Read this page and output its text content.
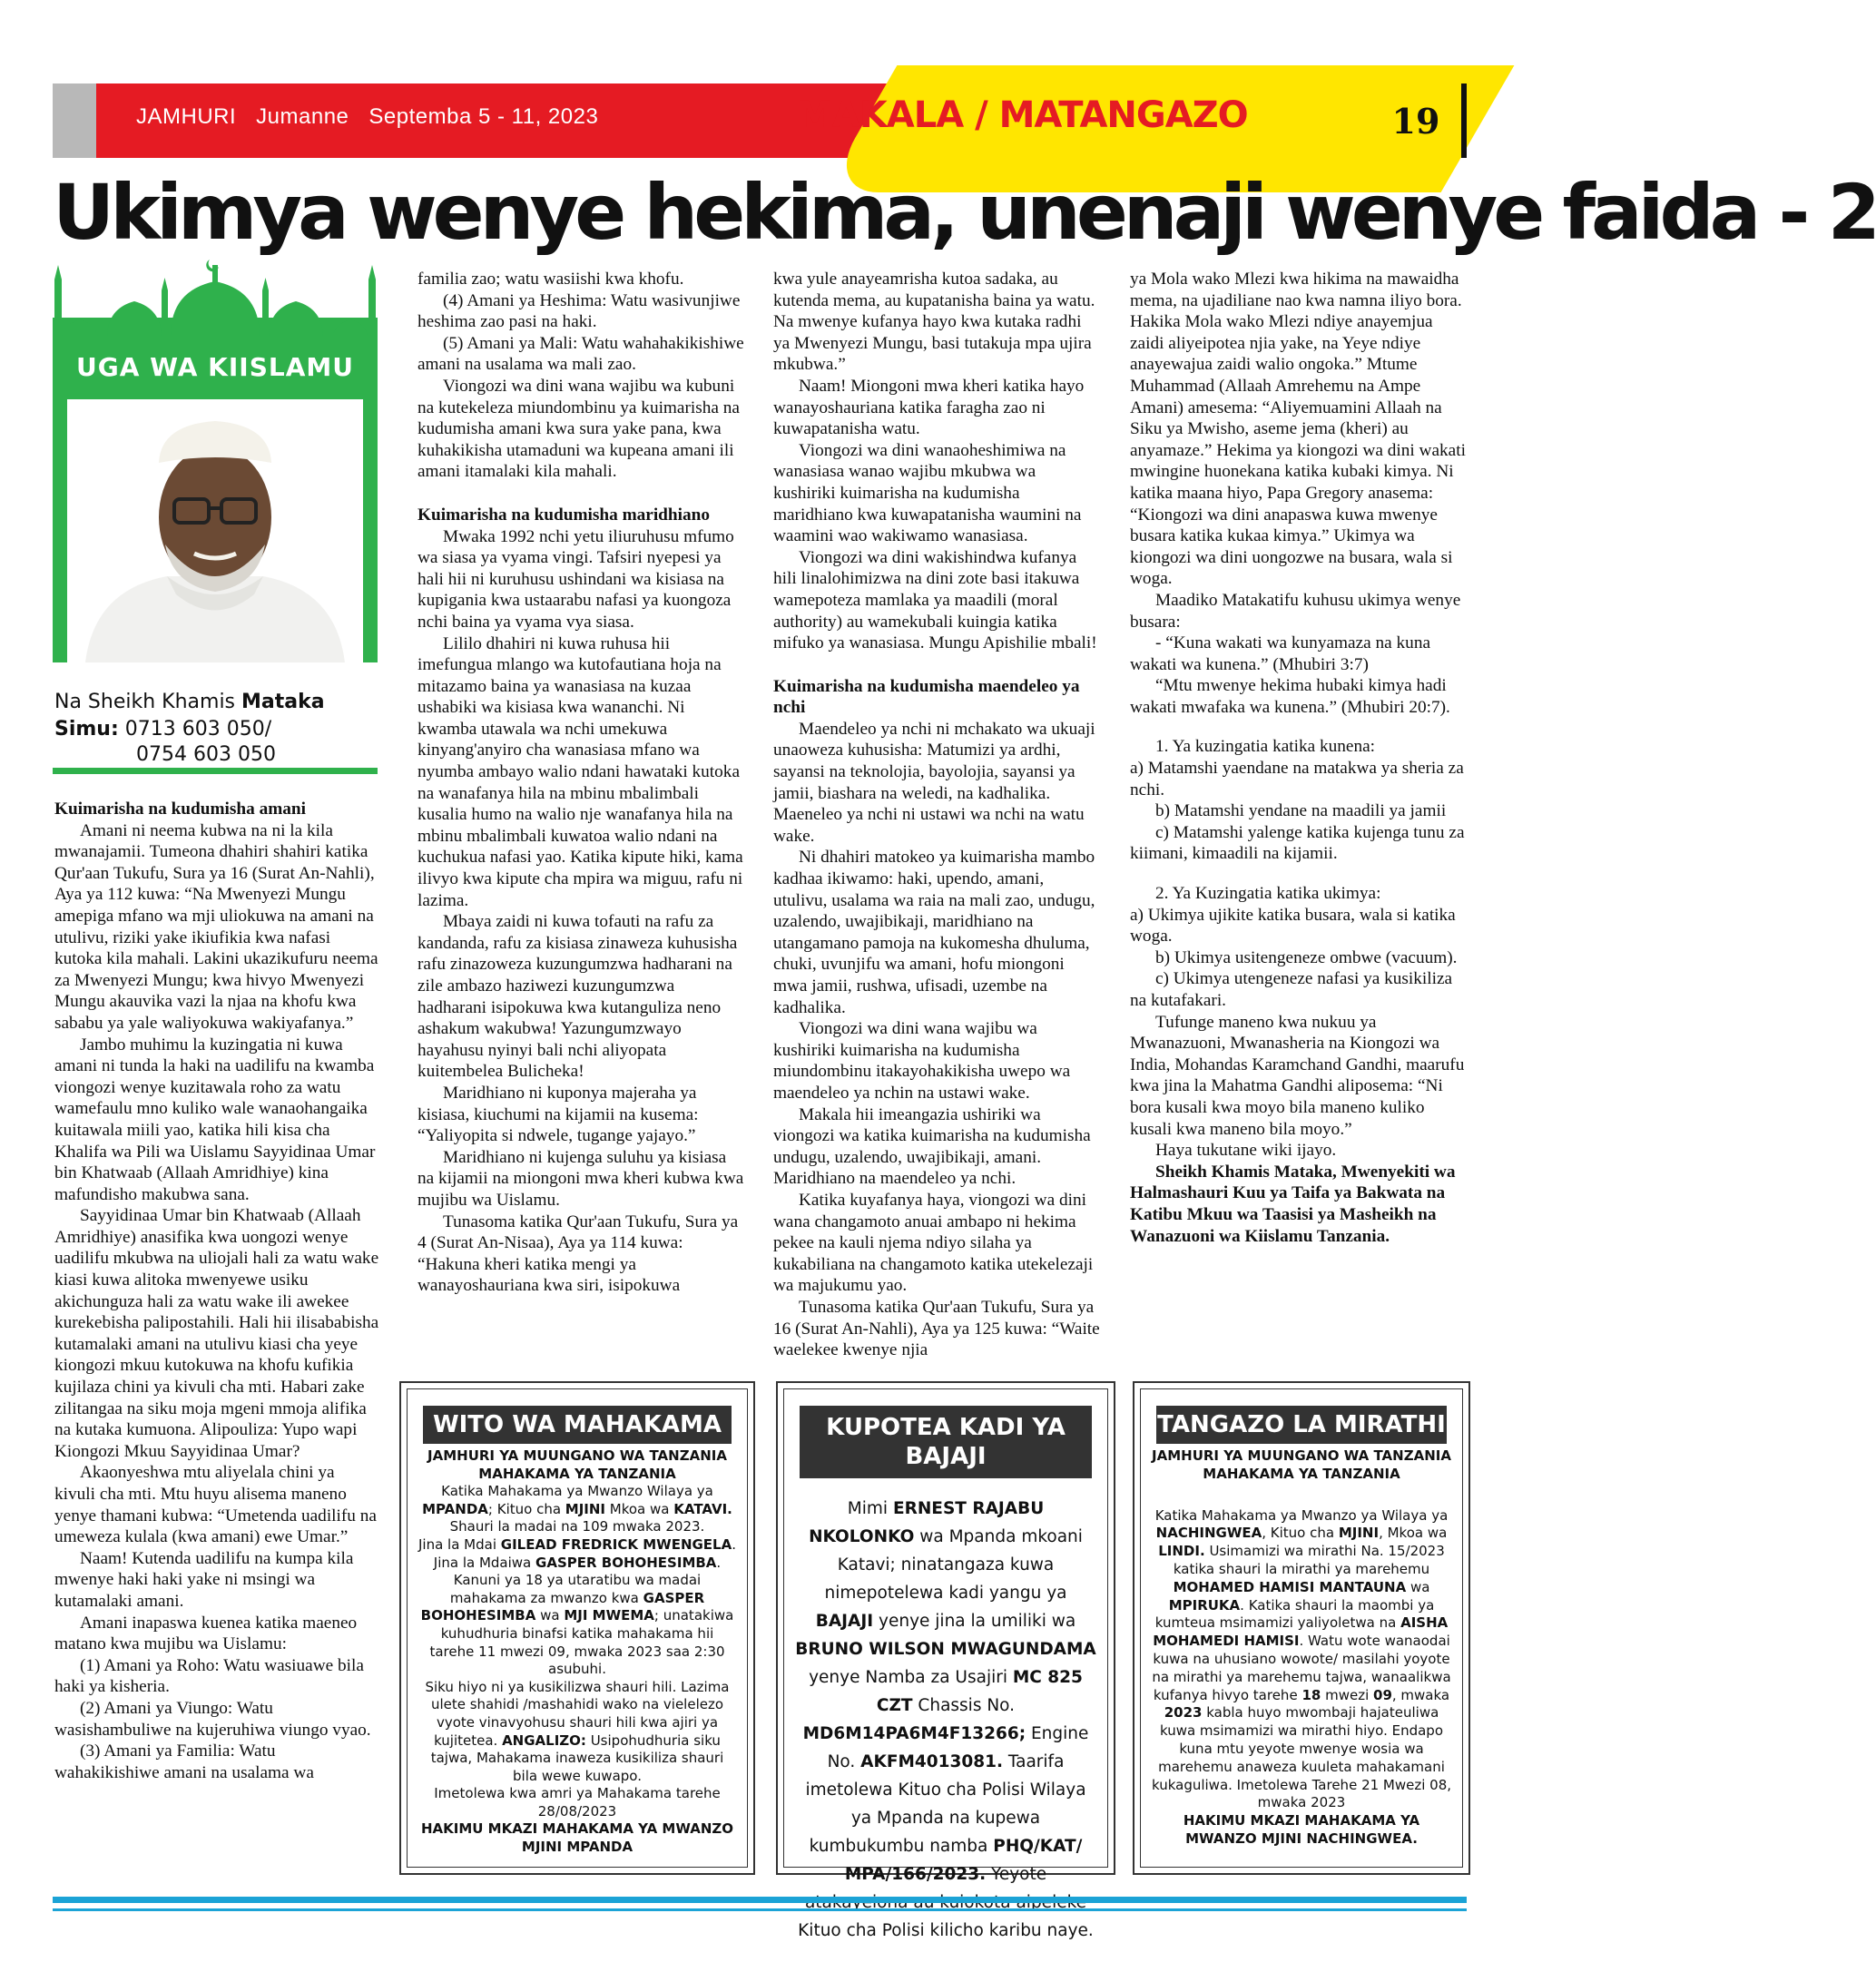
19
JAMHURI Jumanne Septemba 5 - 11, 2023	MAKALA / MATANGAZO
Ukimya wenye hekima, unenaji wenye faida - 2
UGA WA KIISLAMU
Na Sheikh Khamis Mataka
Simu: 0713 603 050/
0754 603 050
Kuimarisha na kudumisha amani

Amani ni neema kubwa na ni la kila mwanajamii. Tumeona dhahiri shahiri katika Qur'aan Tukufu, Sura ya 16 (Surat An-Nahli), Aya ya 112 kuwa: “Na Mwenyezi Mungu amepiga mfano wa mji uliokuwa na amani na utulivu, riziki yake ikiufikia kwa nafasi kutoka kila mahali. Lakini ukazikufuru neema za Mwenyezi Mungu; kwa hivyo Mwenyezi Mungu akauvika vazi la njaa na khofu kwa sababu ya yale waliyokuwa wakiyafanya.”

Jambo muhimu la kuzingatia ni kuwa amani ni tunda la haki na uadilifu na kwamba viongozi wenye kuzitawala roho za watu wamefaulu mno kuliko wale wanaohangaika kuitawala miili yao, katika hili kisa cha Khalifa wa Pili wa Uislamu Sayyidinaa Umar bin Khatwaab (Allaah Amridhiye) kina mafundisho makubwa sana.

Sayyidinaa Umar bin Khatwaab (Allaah Amridhiye) anasifika kwa uongozi wenye uadilifu mkubwa na uliojali hali za watu wake kiasi kuwa alitoka mwenyewe usiku akichunguza hali za watu wake ili awekee kurekebisha palipostahili. Hali hii ilisababisha kutamalaki amani na utulivu kiasi cha yeye kiongozi mkuu kutokuwa na khofu kufikia kujilaza chini ya kivuli cha mti. Habari zake zilitangaa na siku moja mgeni mmoja alifika na kutaka kumuona. Alipouliza: Yupo wapi Kiongozi Mkuu Sayyidinaa Umar?

Akaonyeshwa mtu aliyelala chini ya kivuli cha mti. Mtu huyu alisema maneno yenye thamani kubwa: “Umetenda uadilifu na umeweza kulala (kwa amani) ewe Umar.”

Naam! Kutenda uadilifu na kumpa kila mwenye haki haki yake ni msingi wa kutamalaki amani.

Amani inapaswa kuenea katika maeneo matano kwa mujibu wa Uislamu:

(1) Amani ya Roho: Watu wasiuawe bila haki ya kisheria.

(2) Amani ya Viungo: Watu wasishambuliwe na kujeruhiwa viungo vyao.

(3) Amani ya Familia: Watu wahakikishiwe amani na usalama wa

familia zao; watu wasiishi kwa khofu.

(4) Amani ya Heshima: Watu wasivunjiwe heshima zao pasi na haki.

(5) Amani ya Mali: Watu wahahakikishiwe amani na usalama wa mali zao.

Viongozi wa dini wana wajibu wa kubuni na kutekeleza miundombinu ya kuimarisha na kudumisha amani kwa sura yake pana, kwa kuhakikisha utamaduni wa kupeana amani ili amani itamalaki kila mahali.

Kuimarisha na kudumisha maridhiano

Mwaka 1992 nchi yetu iliuruhusu mfumo wa siasa ya vyama vingi. Tafsiri nyepesi ya hali hii ni kuruhusu ushindani wa kisiasa na kupigania kwa ustaarabu nafasi ya kuongoza nchi baina ya vyama vya siasa.

Lililo dhahiri ni kuwa ruhusa hii imefungua mlango wa kutofautiana hoja na mitazamo baina ya wanasiasa na kuzaa ushabiki wa kisiasa kwa wananchi. Ni kwamba utawala wa nchi umekuwa kinyang'anyiro cha wanasiasa mfano wa nyumba ambayo walio ndani hawataki kutoka na wanafanya hila na mbinu mbalimbali kusalia humo na walio nje wanafanya hila na mbinu mbalimbali kuwatoa walio ndani na kuchukua nafasi yao. Katika kipute hiki, kama ilivyo kwa kipute cha mpira wa miguu, rafu ni lazima.

Mbaya zaidi ni kuwa tofauti na rafu za kandanda, rafu za kisiasa zinaweza kuhusisha rafu zinazoweza kuzungumzwa hadharani na zile ambazo haziwezi kuzungumzwa hadharani isipokuwa kwa kutanguliza neno ashakum wakubwa! Yazungumzwayo hayahusu nyinyi bali nchi aliyopata kuitembelea Bulicheka!

Maridhiano ni kuponya majeraha ya kisiasa, kiuchumi na kijamii na kusema: “Yaliyopita si ndwele, tugange yajayo.”

Maridhiano ni kujenga suluhu ya kisiasa na kijamii na miongoni mwa kheri kubwa kwa mujibu wa Uislamu.

Tunasoma katika Qur'aan Tukufu, Sura ya 4 (Surat An-Nisaa), Aya ya 114 kuwa: “Hakuna kheri katika mengi ya wanayoshauriana kwa siri, isipokuwa

kwa yule anayeamrisha kutoa sadaka, au kutenda mema, au kupatanisha baina ya watu. Na mwenye kufanya hayo kwa kutaka radhi ya Mwenyezi Mungu, basi tutakuja mpa ujira mkubwa.”

Naam! Miongoni mwa kheri katika hayo wanayoshauriana katika faragha zao ni kuwapatanisha watu.

Viongozi wa dini wanaoheshimiwa na wanasiasa wanao wajibu mkubwa wa kushiriki kuimarisha na kudumisha maridhiano kwa kuwapatanisha waumini na waamini wao wakiwamo wanasiasa.

Viongozi wa dini wakishindwa kufanya hili linalohimizwa na dini zote basi itakuwa wamepoteza mamlaka ya maadili (moral authority) au wamekubali kuingia katika mifuko ya wanasiasa. Mungu Apishilie mbali!

Kuimarisha na kudumisha maendeleo ya nchi

Maendeleo ya nchi ni mchakato wa ukuaji unaoweza kuhusisha: Matumizi ya ardhi, sayansi na teknolojia, bayolojia, sayansi ya jamii, biashara na weledi, na kadhalika. Maeneleo ya nchi ni ustawi wa nchi na watu wake.

Ni dhahiri matokeo ya kuimarisha mambo kadhaa ikiwamo: haki, upendo, amani, utulivu, usalama wa raia na mali zao, undugu, uzalendo, uwajibikaji, maridhiano na utangamano pamoja na kukomesha dhuluma, chuki, uvunjifu wa amani, hofu miongoni mwa jamii, rushwa, ufisadi, uzembe na kadhalika.

Viongozi wa dini wana wajibu wa kushiriki kuimarisha na kudumisha miundombinu itakayohakikisha uwepo wa maendeleo ya nchin na ustawi wake.

Makala hii imeangazia ushiriki wa viongozi wa katika kuimarisha na kudumisha undugu, uzalendo, uwajibikaji, amani. Maridhiano na maendeleo ya nchi.

Katika kuyafanya haya, viongozi wa dini wana changamoto anuai ambapo ni hekima pekee na kauli njema ndiyo silaha ya kukabiliana na changamoto katika utekelezaji wa majukumu yao.

Tunasoma katika Qur'aan Tukufu, Sura ya 16 (Surat An-Nahli), Aya ya 125 kuwa: “Waite waelekee kwenye njia

ya Mola wako Mlezi kwa hikima na mawaidha mema, na ujadiliane nao kwa namna iliyo bora. Hakika Mola wako Mlezi ndiye anayemjua zaidi aliyeipotea njia yake, na Yeye ndiye anayewajua zaidi walio ongoka.” Mtume Muhammad (Allaah Amrehemu na Ampe Amani) amesema: “Aliyemuamini Allaah na Siku ya Mwisho, aseme jema (kheri) au anyamaze.” Hekima ya kiongozi wa dini wakati mwingine huonekana katika kubaki kimya. Ni katika maana hiyo, Papa Gregory anasema: “Kiongozi wa dini anapaswa kuwa mwenye busara katika kukaa kimya.” Ukimya wa kiongozi wa dini uongozwe na busara, wala si woga.

Maadiko Matakatifu kuhusu ukimya wenye busara:

- “Kuna wakati wa kunyamaza na kuna wakati wa kunena.” (Mhubiri 3:7)

“Mtu mwenye hekima hubaki kimya hadi wakati mwafaka wa kunena.” (Mhubiri 20:7).

1. Ya kuzingatia katika kunena:

a) Matamshi yaendane na matakwa ya sheria za nchi.

b) Matamshi yendane na maadili ya jamii

c) Matamshi yalenge katika kujenga tunu za kiimani, kimaadili na kijamii.

2. Ya Kuzingatia katika ukimya:

a) Ukimya ujikite katika busara, wala si katika woga.

b) Ukimya usitengeneze ombwe (vacuum).

c) Ukimya utengeneze nafasi ya kusikiliza na kutafakari.

Tufunge maneno kwa nukuu ya Mwanazuoni, Mwanasheria na Kiongozi wa India, Mohandas Karamchand Gandhi, maarufu kwa jina la Mahatma Gandhi aliposema: “Ni bora kusali kwa moyo bila maneno kuliko kusali kwa maneno bila moyo.”

Haya tukutane wiki ijayo.

Sheikh Khamis Mataka, Mwenyekiti wa Halmashauri Kuu ya Taifa ya Bakwata na Katibu Mkuu wa Taasisi ya Masheikh na Wanazuoni wa Kiislamu Tanzania.

WITO WA MAHAKAMA
JAMHURI YA MUUNGANO WA TANZANIA
MAHAKAMA YA TANZANIA
Katika Mahakama ya Mwanzo Wilaya ya MPANDA; Kituo cha MJINI Mkoa wa KATAVI.
Shauri la madai na 109 mwaka 2023.
Jina la Mdai GILEAD FREDRICK MWENGELA.
Jina la Mdaiwa GASPER BOHOHESIMBA.
Kanuni ya 18 ya utaratibu wa madai mahakama za mwanzo kwa GASPER BOHOHESIMBA wa MJI MWEMA; unatakiwa kuhudhuria binafsi katika mahakama hii tarehe 11 mwezi 09, mwaka 2023 saa 2:30 asubuhi.
Siku hiyo ni ya kusikilizwa shauri hili. Lazima ulete shahidi /mashahidi wako na vielelezo vyote vinavyohusu shauri hili kwa ajiri ya kujitetea. ANGALIZO: Usipohudhuria siku tajwa, Mahakama inaweza kusikiliza shauri bila wewe kuwapo.
Imetolewa kwa amri ya Mahakama tarehe 28/08/2023
HAKIMU MKAZI MAHAKAMA YA MWANZO MJINI MPANDA
KUPOTEA KADI YA BAJAJI
Mimi ERNEST RAJABU NKOLONKO wa Mpanda mkoani Katavi; ninatangaza kuwa nimepotelewa kadi yangu ya BAJAJI yenye jina la umiliki wa BRUNO WILSON MWAGUNDAMA yenye Namba za Usajiri MC 825 CZT Chassis No. MD6M14PA6M4F13266; Engine No. AKFM4013081. Taarifa imetolewa Kituo cha Polisi Wilaya ya Mpanda na kupewa kumbukumbu namba PHQ/KAT/ MPA/166/2023. Yeyote Kituo cha Polisi kilicho karibu naye.
TANGAZO LA MIRATHI
JAMHURI YA MUUNGANO WA TANZANIA
MAHAKAMA YA TANZANIA
Katika Mahakama ya Mwanzo ya Wilaya ya NACHINGWEA, Kituo cha MJINI, Mkoa wa LINDI. Usimamizi wa mirathi Na. 15/2023 katika shauri la mirathi ya marehemu MOHAMED HAMISI MANTAUNA wa MPIRUKA. Katika shauri la maombi ya kumteua msimamizi yaliyoletwa na AISHA MOHAMEDI HAMISI. Watu wote wanaodai kuwa na uhusiano wowote/ masilahi yoyote na mirathi ya marehemu tajwa, wanaalikwa kufanya hivyo tarehe 18 mwezi 09, mwaka 2023 kabla huyo mwombaji hajateuliwa kuwa msimamizi wa mirathi hiyo. Endapo kuna mtu yeyote mwenye wosia wa marehemu anaweza kuuleta mahakamani kukaguliwa. Imetolewa Tarehe 21 Mwezi 08, mwaka 2023
HAKIMU MKAZI MAHAKAMA YA MWANZO MJINI NACHINGWEA.
